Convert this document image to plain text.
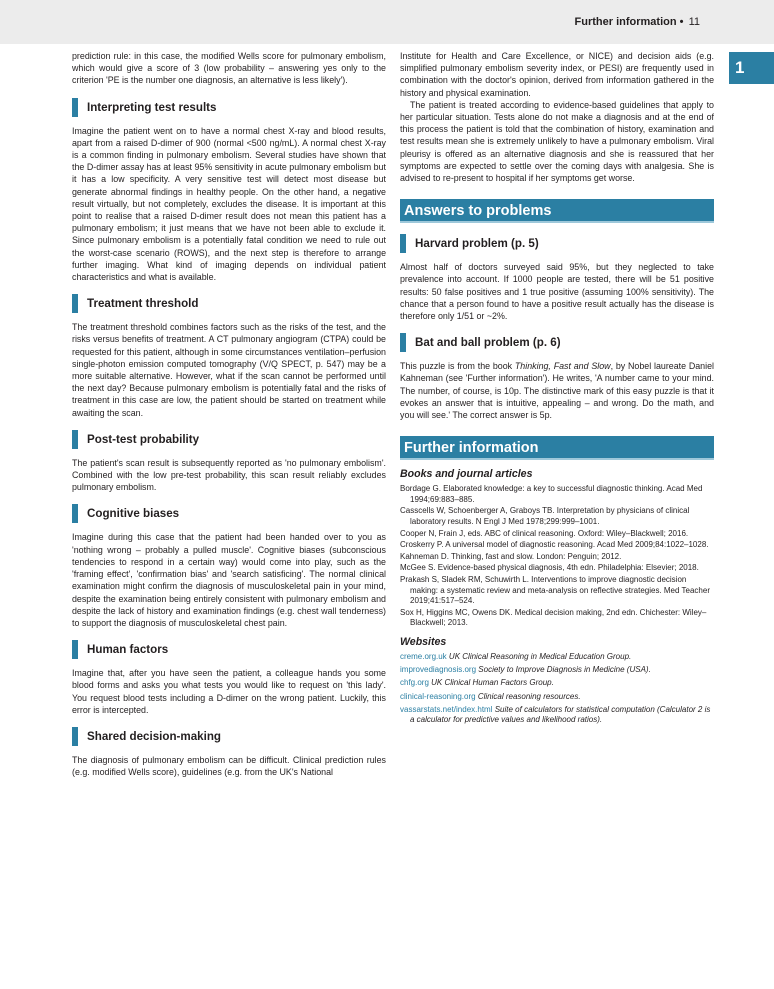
Further information • 11
1

prediction rule: in this case, the modified Wells score for pulmonary embolism, which would give a score of 3 (low probability – answering yes only to the criterion 'PE is the number one diagnosis, an alternative is less likely').

Interpreting test results

Imagine the patient went on to have a normal chest X-ray and blood results, apart from a raised D-dimer of 900 (normal <500 ng/mL). A normal chest X-ray is a common finding in pulmonary embolism. Several studies have shown that the D-dimer assay has at least 95% sensitivity in acute pulmonary embolism but it has a low specificity. A very sensitive test will detect most disease but generate abnormal findings in healthy people. On the other hand, a negative result virtually, but not completely, excludes the disease. It is important at this point to realise that a raised D-dimer result does not mean this patient has a pulmonary embolism; it just means that we have not been able to exclude it. Since pulmonary embolism is a potentially fatal condition we need to rule out the worst-case scenario (ROWS), and the next step is therefore to arrange further imaging. What kind of imaging depends on individual patient characteristics and what is available.

Treatment threshold

The treatment threshold combines factors such as the risks of the test, and the risks versus benefits of treatment. A CT pulmonary angiogram (CTPA) could be requested for this patient, although in some circumstances ventilation–perfusion single-photon emission computed tomography (V/Q SPECT, p. 547) may be a more suitable alternative. However, what if the scan cannot be performed until the next day? Because pulmonary embolism is potentially fatal and the risks of treatment in this case are low, the patient should be started on treatment while awaiting the scan.

Post-test probability

The patient's scan result is subsequently reported as 'no pulmonary embolism'. Combined with the low pre-test probability, this scan result reliably excludes pulmonary embolism.

Cognitive biases

Imagine during this case that the patient had been handed over to you as 'nothing wrong – probably a pulled muscle'. Cognitive biases (subconscious tendencies to respond in a certain way) would come into play, such as the 'framing effect', 'confirmation bias' and 'search satisficing'. The normal clinical examination might confirm the diagnosis of musculoskeletal pain in your mind, despite the examination being entirely consistent with pulmonary embolism and despite the lack of history and examination findings (e.g. chest wall tenderness) to support the diagnosis of musculoskeletal chest pain.

Human factors

Imagine that, after you have seen the patient, a colleague hands you some blood forms and asks you what tests you would like to request on 'this lady'. You request blood tests including a D-dimer on the wrong patient. Luckily, this error is intercepted.

Shared decision-making

The diagnosis of pulmonary embolism can be difficult. Clinical prediction rules (e.g. modified Wells score), guidelines (e.g. from the UK's National

Institute for Health and Care Excellence, or NICE) and decision aids (e.g. simplified pulmonary embolism severity index, or PESI) are frequently used in combination with the doctor's opinion, derived from information gathered in the history and physical examination.

The patient is treated according to evidence-based guidelines that apply to her particular situation. Tests alone do not make a diagnosis and at the end of this process the patient is told that the combination of history, examination and test results mean she is extremely unlikely to have a pulmonary embolism. Viral pleurisy is offered as an alternative diagnosis and she is reassured that her symptoms are expected to settle over the coming days with analgesia. She is advised to re-present to hospital if her symptoms get worse.

Answers to problems
Harvard problem (p. 5)

Almost half of doctors surveyed said 95%, but they neglected to take prevalence into account. If 1000 people are tested, there will be 51 positive results: 50 false positives and 1 true positive (assuming 100% sensitivity). The chance that a person found to have a positive result actually has the disease is therefore only 1/51 or ~2%.

Bat and ball problem (p. 6)

This puzzle is from the book Thinking, Fast and Slow, by Nobel laureate Daniel Kahneman (see 'Further information'). He writes, 'A number came to your mind. The number, of course, is 10p. The distinctive mark of this easy puzzle is that it evokes an answer that is intuitive, appealing – and wrong. Do the math, and you will see.' The correct answer is 5p.

Further information
Books and journal articles
Bordage G. Elaborated knowledge: a key to successful diagnostic thinking. Acad Med 1994;69:883–885.
Casscells W, Schoenberger A, Graboys TB. Interpretation by physicians of clinical laboratory results. N Engl J Med 1978;299:999–1001.
Cooper N, Frain J, eds. ABC of clinical reasoning. Oxford: Wiley–Blackwell; 2016.
Croskerry P. A universal model of diagnostic reasoning. Acad Med 2009;84:1022–1028.
Kahneman D. Thinking, fast and slow. London: Penguin; 2012.
McGee S. Evidence-based physical diagnosis, 4th edn. Philadelphia: Elsevier; 2018.
Prakash S, Sladek RM, Schuwirth L. Interventions to improve diagnostic decision making: a systematic review and meta-analysis on reflective strategies. Med Teacher 2019;41:517–524.
Sox H, Higgins MC, Owens DK. Medical decision making, 2nd edn. Chichester: Wiley–Blackwell; 2013.
Websites
creme.org.uk UK Clinical Reasoning in Medical Education Group.
improvediagnosis.org Society to Improve Diagnosis in Medicine (USA).
chfg.org UK Clinical Human Factors Group.
clinical-reasoning.org Clinical reasoning resources.
vassarstats.net/index.html Suite of calculators for statistical computation (Calculator 2 is a calculator for predictive values and likelihood ratios).
